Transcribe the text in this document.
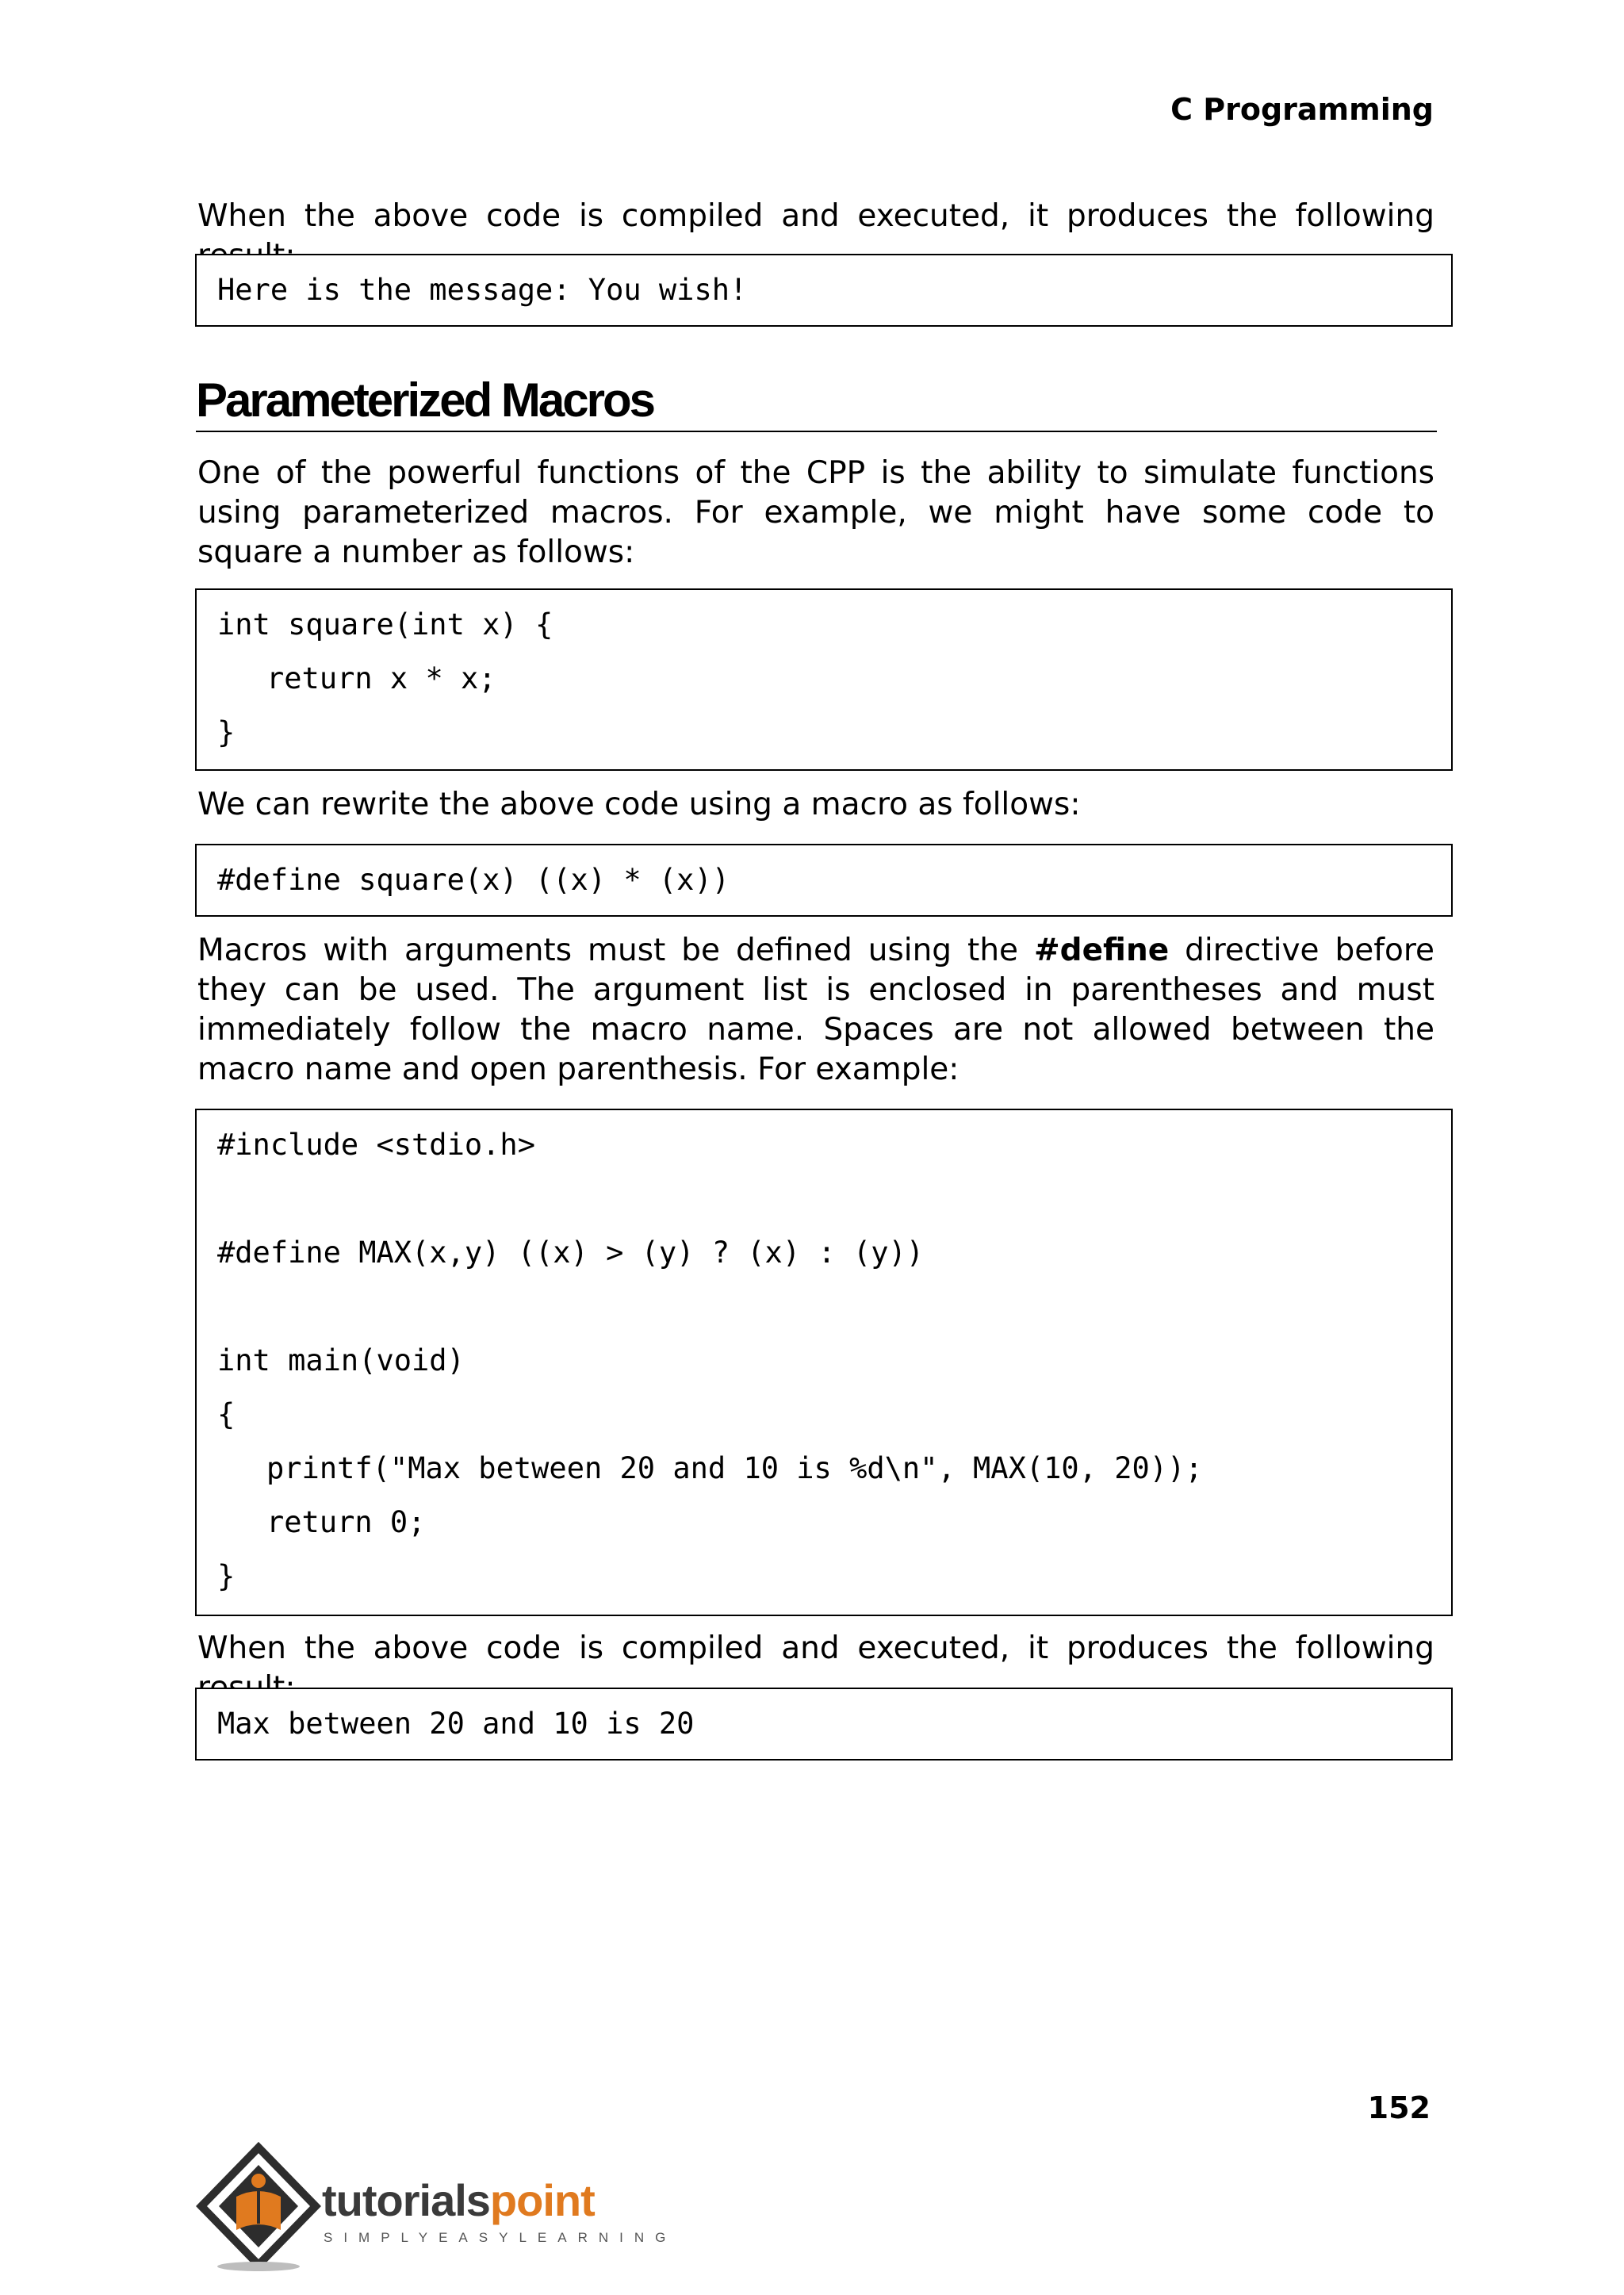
C Programming

When the above code is compiled and executed, it produces the following

Here is the message: You wish!
Parameterized Macros

One of the powerful functions of the CPP is the ability to simulate functions using parameterized macros. For example, we might have some code to square a number as follows:

int square(int x) {
return x * x;
}

We can rewrite the above code using a macro as follows:

#define square(x) ((x) * (x))

Macros with arguments must be defined using the #define directive before they can be used. The argument list is enclosed in parentheses and must immediately follow the macro name. Spaces are not allowed between the macro name and open parenthesis. For example:

#include <stdio.h>
#define MAX(x,y) ((x) > (y) ? (x) : (y))
int main(void)
{
printf("Max between 20 and 10 is %d\n", MAX(10, 20));
return 0;
}

When the above code is compiled and executed, it produces the following

Max between 20 and 10 is 20
152
tutorialspoint
SIMPLYEASYLEARNING
